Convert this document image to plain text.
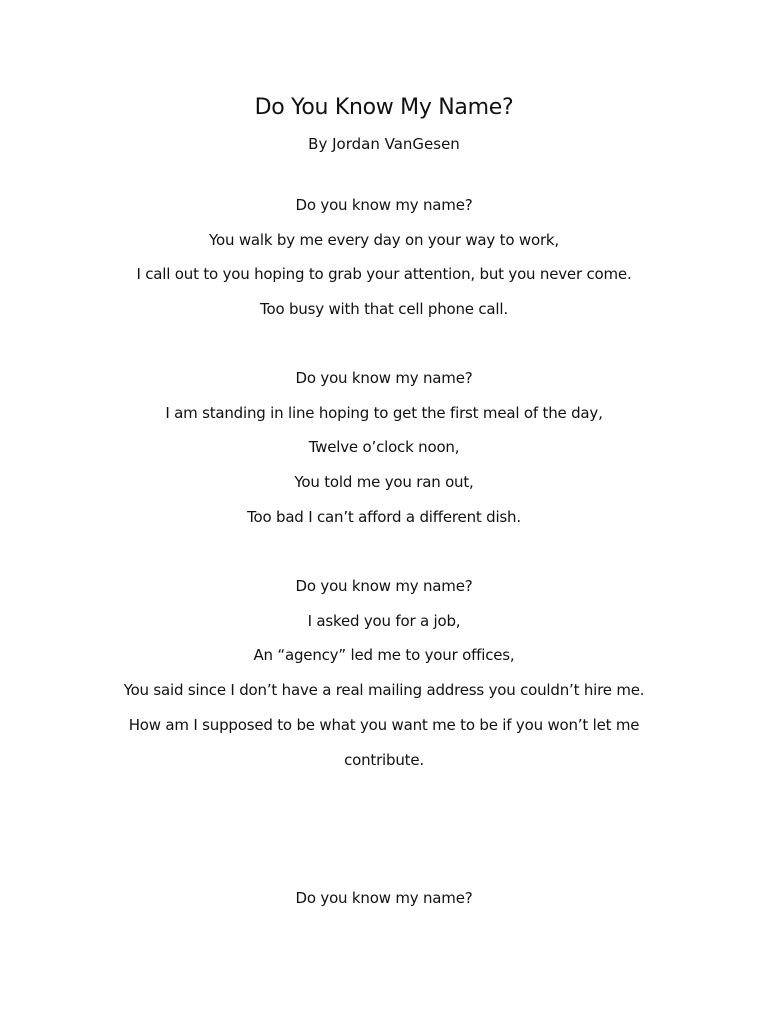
Do You Know My Name?
By Jordan VanGesen
Do you know my name?
You walk by me every day on your way to work,
I call out to you hoping to grab your attention, but you never come.
Too busy with that cell phone call.
Do you know my name?
I am standing in line hoping to get the first meal of the day,
Twelve o’clock noon,
You told me you ran out,
Too bad I can’t afford a different dish.
Do you know my name?
I asked you for a job,
An “agency” led me to your offices,
You said since I don’t have a real mailing address you couldn’t hire me.
How am I supposed to be what you want me to be if you won’t let me
contribute.
Do you know my name?
